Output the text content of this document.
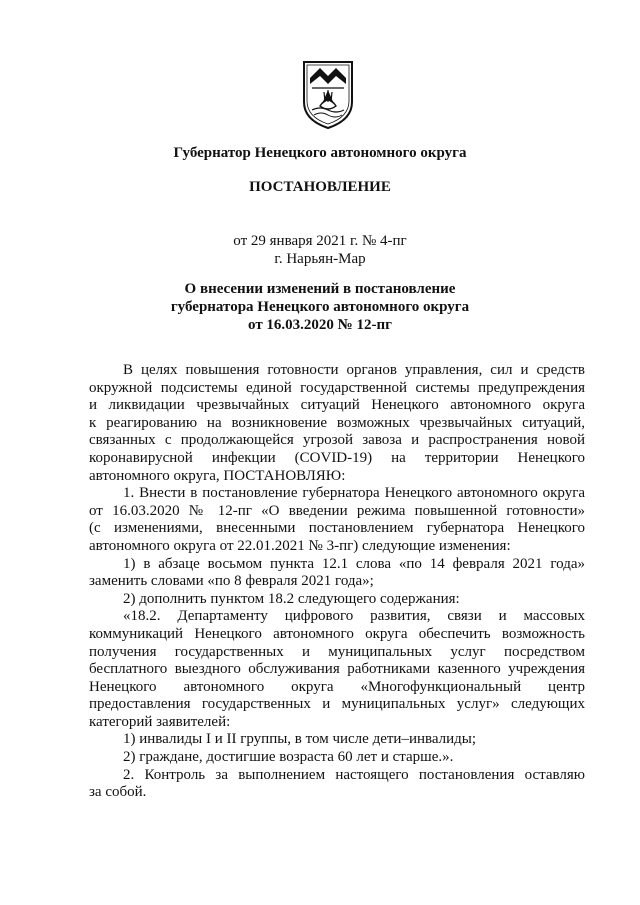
Губернатор Ненецкого автономного округа
ПОСТАНОВЛЕНИЕ
от 29 января 2021 г. № 4-пг
г. Нарьян-Мар
О внесении изменений в постановление
губернатора Ненецкого автономного округа
от 16.03.2020 № 12-пг

В целях повышения готовности органов управления, сил и средств

окружной подсистемы единой государственной системы предупреждения

и ликвидации чрезвычайных ситуаций Ненецкого автономного округа

к реагированию на возникновение возможных чрезвычайных ситуаций,

связанных с продолжающейся угрозой завоза и распространения новой

коронавирусной инфекции (COVID-19) на территории Ненецкого

автономного округа, ПОСТАНОВЛЯЮ:

1. Внести в постановление губернатора Ненецкого автономного округа

от 16.03.2020 № 12-пг «О введении режима повышенной готовности»

(с изменениями, внесенными постановлением губернатора Ненецкого

автономного округа от 22.01.2021 № 3-пг) следующие изменения:

1) в абзаце восьмом пункта 12.1 слова «по 14 февраля 2021 года»

заменить словами «по 8 февраля 2021 года»;

2) дополнить пунктом 18.2 следующего содержания:

«18.2. Департаменту цифрового развития, связи и массовых

коммуникаций Ненецкого автономного округа обеспечить возможность

получения государственных и муниципальных услуг посредством

бесплатного выездного обслуживания работниками казенного учреждения

Ненецкого автономного округа «Многофункциональный центр

предоставления государственных и муниципальных услуг» следующих

категорий заявителей:

1) инвалиды I и II группы, в том числе дети–инвалиды;

2) граждане, достигшие возраста 60 лет и старше.».

2. Контроль за выполнением настоящего постановления оставляю

за собой.
